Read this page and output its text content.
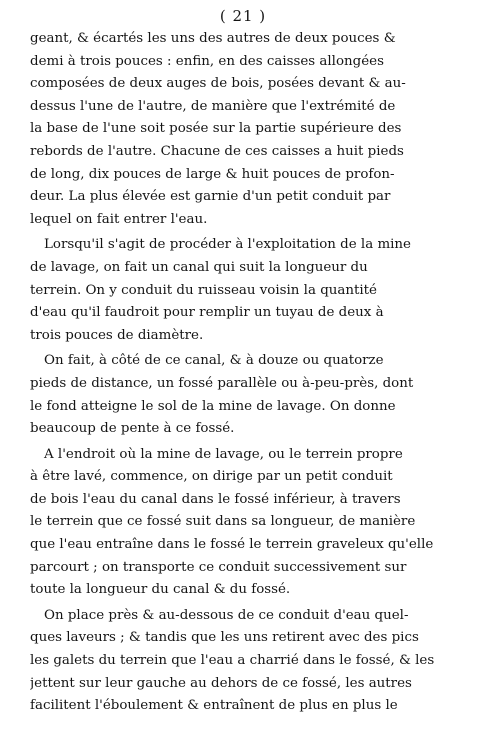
( 21 )
geant, & écartés les uns des autres de deux pouces &
demi à trois pouces : enfin, en des caisses allongées
composées de deux auges de bois, posées devant & au-
dessus l'une de l'autre, de manière que l'extrémité de
la base de l'une soit posée sur la partie supérieure des
rebords de l'autre. Chacune de ces caisses a huit pieds
de long, dix pouces de large & huit pouces de profon-
deur. La plus élevée est garnie d'un petit conduit par
lequel on fait entrer l'eau.
Lorsqu'il s'agit de procéder à l'exploitation de la mine
de lavage, on fait un canal qui suit la longueur du
terrein. On y conduit du ruisseau voisin la quantité
d'eau qu'il faudroit pour remplir un tuyau de deux à
trois pouces de diamètre.
On fait, à côté de ce canal, & à douze ou quatorze
pieds de distance, un fossé parallèle ou à-peu-près, dont
le fond atteigne le sol de la mine de lavage. On donne
beaucoup de pente à ce fossé.
A l'endroit où la mine de lavage, ou le terrein propre
à être lavé, commence, on dirige par un petit conduit
de bois l'eau du canal dans le fossé inférieur, à travers
le terrein que ce fossé suit dans sa longueur, de manière
que l'eau entraîne dans le fossé le terrein graveleux qu'elle
parcourt ; on transporte ce conduit successivement sur
toute la longueur du canal & du fossé.
On place près & au-dessous de ce conduit d'eau quel-
ques laveurs ; & tandis que les uns retirent avec des pics
les galets du terrein que l'eau a charrié dans le fossé, & les
jettent sur leur gauche au dehors de ce fossé, les autres
facilitent l'éboulement & entraînent de plus en plus le
